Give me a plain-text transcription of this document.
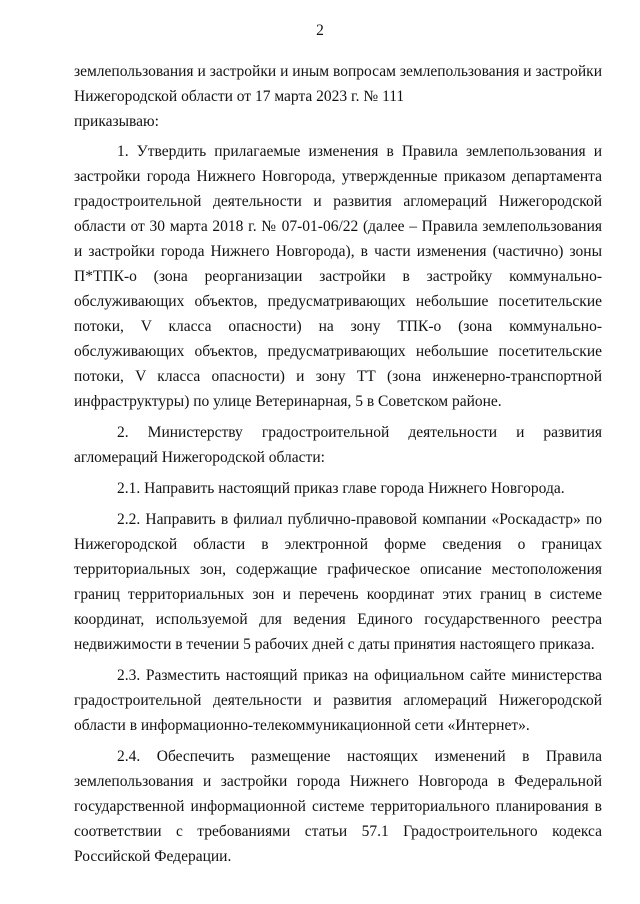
2

землепользования и застройки и иным вопросам землепользования и застройки Нижегородской области от 17 марта 2023 г. № 111

приказываю:

1. Утвердить прилагаемые изменения в Правила землепользования и застройки города Нижнего Новгорода, утвержденные приказом департамента градостроительной деятельности и развития агломераций Нижегородской области от 30 марта 2018 г. № 07-01-06/22 (далее – Правила землепользования и застройки города Нижнего Новгорода), в части изменения (частично) зоны П*ТПК-о (зона реорганизации застройки в застройку коммунально-обслуживающих объектов, предусматривающих небольшие посетительские потоки, V класса опасности) на зону ТПК-о (зона коммунально-обслуживающих объектов, предусматривающих небольшие посетительские потоки, V класса опасности) и зону ТТ (зона инженерно-транспортной инфраструктуры) по улице Ветеринарная, 5 в Советском районе.

2. Министерству градостроительной деятельности и развития агломераций Нижегородской области:

2.1. Направить настоящий приказ главе города Нижнего Новгорода.

2.2. Направить в филиал публично-правовой компании «Роскадастр» по Нижегородской области в электронной форме сведения о границах территориальных зон, содержащие графическое описание местоположения границ территориальных зон и перечень координат этих границ в системе координат, используемой для ведения Единого государственного реестра недвижимости в течении 5 рабочих дней с даты принятия настоящего приказа.

2.3. Разместить настоящий приказ на официальном сайте министерства градостроительной деятельности и развития агломераций Нижегородской области в информационно-телекоммуникационной сети «Интернет».

2.4. Обеспечить размещение настоящих изменений в Правила землепользования и застройки города Нижнего Новгорода в Федеральной государственной информационной системе территориального планирования в соответствии с требованиями статьи 57.1 Градостроительного кодекса Российской Федерации.
